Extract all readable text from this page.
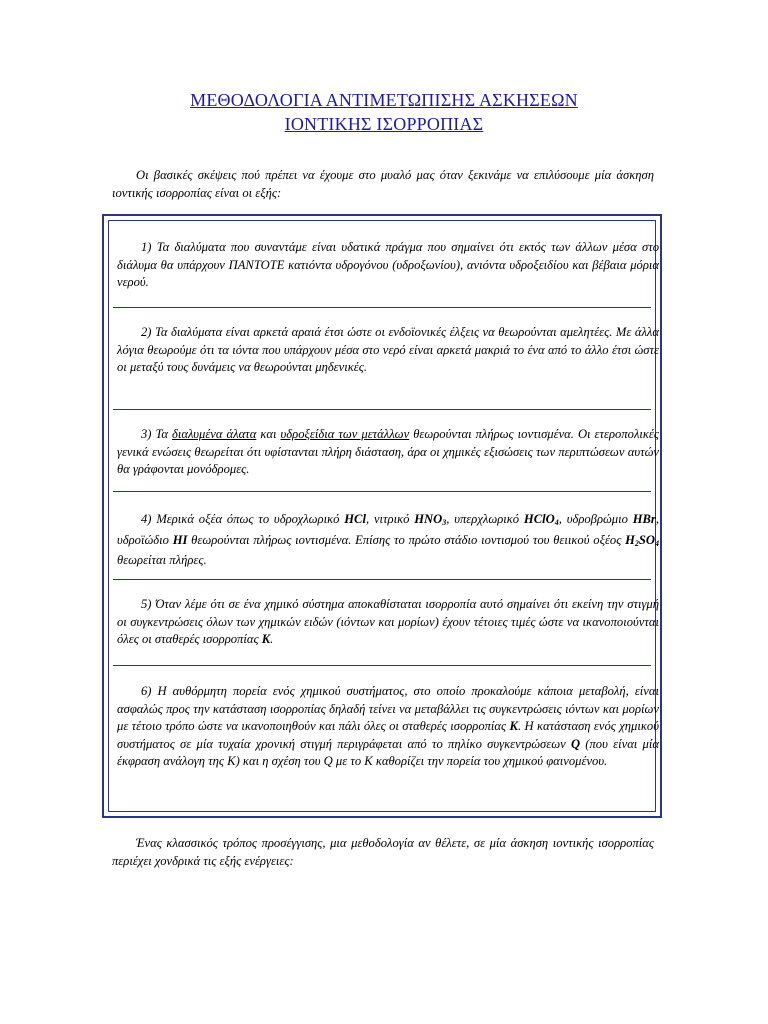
ΜΕΘΟΔΟΛΟΓΙΑ ΑΝΤΙΜΕΤΩΠΙΣΗΣ ΑΣΚΗΣΕΩΝ
ΙΟΝΤΙΚΗΣ ΙΣΟΡΡΟΠΙΑΣ
Οι βασικές σκέψεις πού πρέπει να έχουμε στο μυαλό μας όταν ξεκινάμε να επιλύσουμε μία άσκηση ιοντικής ισορροπίας είναι οι εξής:
1) Τα διαλύματα που συναντάμε είναι υδατικά πράγμα που σημαίνει ότι εκτός των άλλων μέσα στο διάλυμα θα υπάρχουν ΠΑΝΤΟΤΕ κατιόντα υδρογόνου (υδροξωνίου), ανιόντα υδροξειδίου και βέβαια μόρια νερού.
2) Τα διαλύματα είναι αρκετά αραιά έτσι ώστε οι ενδοϊονικές έλξεις να θεωρούνται αμελητέες. Με άλλα λόγια θεωρούμε ότι τα ιόντα που υπάρχουν μέσα στο νερό είναι αρκετά μακριά το ένα από το άλλο έτσι ώστε οι μεταξύ τους δυνάμεις να θεωρούνται μηδενικές.
3) Τα διαλυμένα άλατα και υδροξείδια των μετάλλων θεωρούνται πλήρως ιοντισμένα. Οι ετεροπολικές γενικά ενώσεις θεωρείται ότι υφίστανται πλήρη διάσταση, άρα οι χημικές εξισώσεις των περιπτώσεων αυτών θα γράφονται μονόδρομες.
4) Μερικά οξέα όπως το υδροχλωρικό HCl, νιτρικό $HNO_3$, υπερχλωρικό HClO$_4$, υδροβρώμιο HBr, υδροϊώδιο HI θεωρούνται πλήρως ιοντισμένα. Επίσης το πρώτο στάδιο ιοντισμού του θειικού οξέος $H_2SO_4$ θεωρείται πλήρες.
5) Όταν λέμε ότι σε ένα χημικό σύστημα αποκαθίσταται ισορροπία αυτό σημαίνει ότι εκείνη την στιγμή οι συγκεντρώσεις όλων των χημικών ειδών (ιόντων και μορίων) έχουν τέτοιες τιμές ώστε να ικανοποιούνται όλες οι σταθερές ισορροπίας K.
6) Η αυθόρμητη πορεία ενός χημικού συστήματος, στο οποίο προκαλούμε κάποια μεταβολή, είναι ασφαλώς προς την κατάσταση ισορροπίας δηλαδή τείνει να μεταβάλλει τις συγκεντρώσεις ιόντων και μορίων με τέτοιο τρόπο ώστε να ικανοποιηθούν και πάλι όλες οι σταθερές ισορροπίας K. Η κατάσταση ενός χημικού συστήματος σε μία τυχαία χρονική στιγμή περιγράφεται από το πηλίκο συγκεντρώσεων Q (που είναι μία έκφραση ανάλογη της Κ) και η σχέση του Q με το Κ καθορίζει την πορεία του χημικού φαινομένου.
Ένας κλασσικός τρόπος προσέγγισης, μια μεθοδολογία αν θέλετε, σε μία άσκηση ιοντικής ισορροπίας περιέχει χονδρικά τις εξής ενέργειες:
